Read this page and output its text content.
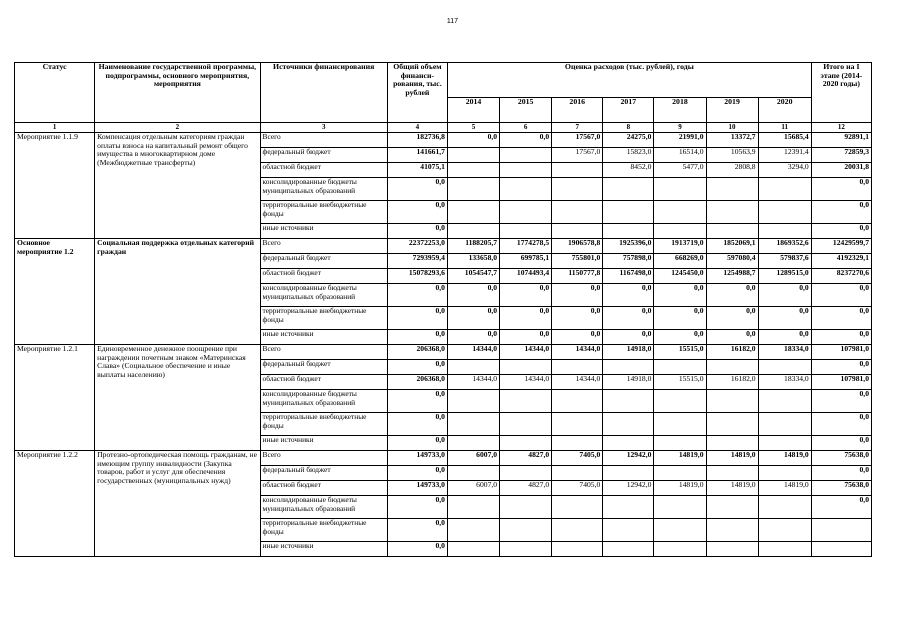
117
Статус	Наименование государственной программы, подпрограммы, основного мероприятия, мероприятия	Источники финансирования	Общий объем финанси-рования, тыс. рублей	Оценка расходов (тыс. рублей), годы							Итого на I этапе (2014-2020 годы)
				2014	2015	2016	2017	2018	2019	2020	
1	2	3	4	5	6	7	8	9	10	11	12
Мероприятие 1.1.9	Компенсация отдельным категориям граждан оплаты взноса на капитальный ремонт общего имущества в многоквартирном доме (Межбюджетные трансферты)	Всего	182736,8	0,0	0,0	17567,0	24275,0	21991,0	13372,7	15685,4	92891,1
		федеральный бюджет	141661,7			17567,0	15823,0	16514,0	10563,9	12391,4	72859,3
		областной бюджет	41075,1				8452,0	5477,0	2808,8	3294,0	20031,8
		консолидированные бюджеты муниципальных образований	0,0								0,0
		территориальные внебюджетные фонды	0,0								0,0
		иные источники	0,0								0,0
Основное мероприятие 1.2	Социальная поддержка отдельных категорий граждан	Всего	22372253,0	1188205,7	1774278,5	1906578,8	1925396,0	1913719,0	1852069,1	1869352,6	12429599,7
		федеральный бюджет	7293959,4	133658,0	699785,1	755801,0	757898,0	668269,0	597080,4	579837,6	4192329,1
		областной бюджет	15078293,6	1054547,7	1074493,4	1150777,8	1167498,0	1245450,0	1254988,7	1289515,0	8237270,6
		консолидированные бюджеты муниципальных образований	0,0	0,0	0,0	0,0	0,0	0,0	0,0	0,0	0,0
		территориальные внебюджетные фонды	0,0	0,0	0,0	0,0	0,0	0,0	0,0	0,0	0,0
		иные источники	0,0	0,0	0,0	0,0	0,0	0,0	0,0	0,0	0,0
Мероприятие 1.2.1	Единовременное денежное поощрение при награждении почетным знаком «Материнская Слава» (Социальное обеспечение и иные выплаты населению)	Всего	206368,0	14344,0	14344,0	14344,0	14918,0	15515,0	16182,0	18334,0	107981,0
		федеральный бюджет	0,0								0,0
		областной бюджет	206368,0	14344,0	14344,0	14344,0	14918,0	15515,0	16182,0	18334,0	107981,0
		консолидированные бюджеты муниципальных образований	0,0								0,0
		территориальные внебюджетные фонды	0,0								0,0
		иные источники	0,0								0,0
Мероприятие 1.2.2	Протезно-ортопедическая помощь гражданам, не имеющим группу инвалидности (Закупка товаров, работ и услуг для обеспечения государственных (муниципальных нужд)	Всего	149733,0	6007,0	4827,0	7405,0	12942,0	14819,0	14819,0	14819,0	75638,0
		федеральный бюджет	0,0								0,0
		областной бюджет	149733,0	6007,0	4827,0	7405,0	12942,0	14819,0	14819,0	14819,0	75638,0
		консолидированные бюджеты муниципальных образований	0,0								0,0
		территориальные внебюджетные фонды	0,0								
		иные источники	0,0								
